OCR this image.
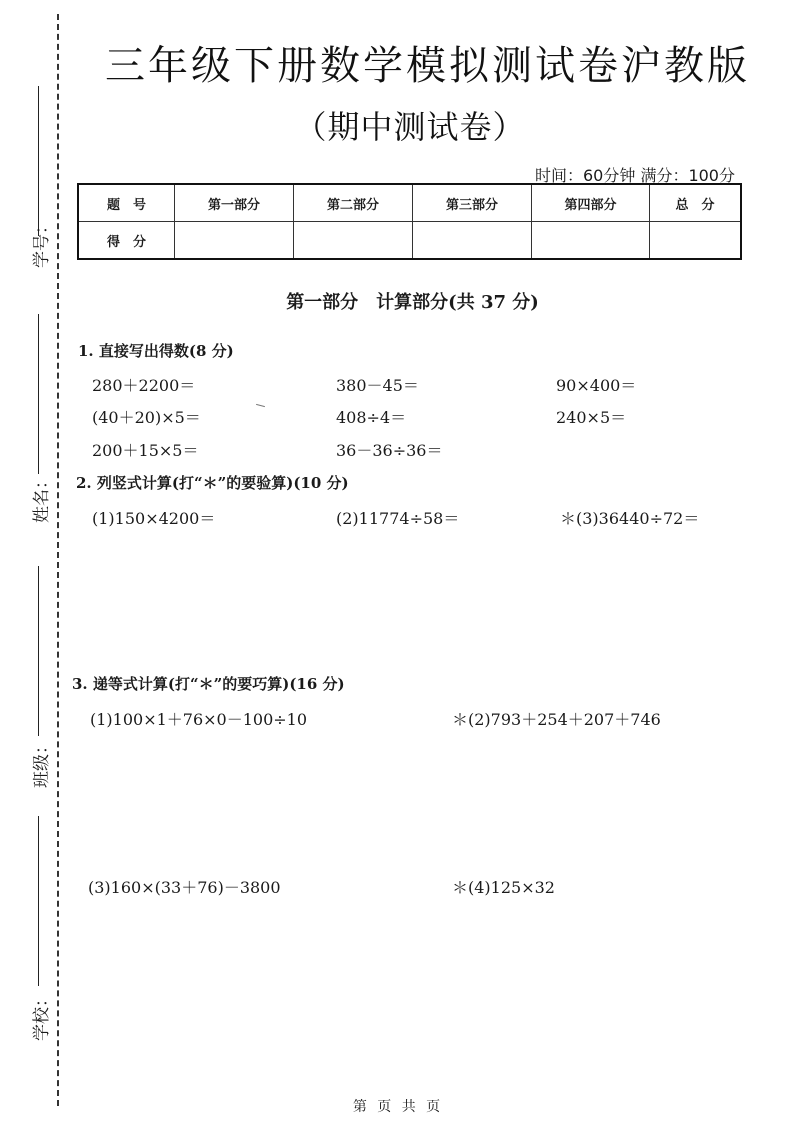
学号：
姓名：
班级：
学校：
三年级下册数学模拟测试卷沪教版
（期中测试卷）
时间：60分钟 满分：100分
题　号	第一部分	第二部分	第三部分	第四部分	总　分
得　分					
第一部分　计算部分(共 37 分)
1. 直接写出得数(8 分)
280＋2200＝	380－45＝	90×400＝
(40＋20)×5＝	408÷4＝	240×5＝
200＋15×5＝	36－36÷36＝
2. 列竖式计算(打“＊”的要验算)(10 分)
(1)150×4200＝	(2)11774÷58＝	＊(3)36440÷72＝
3. 递等式计算(打“＊”的要巧算)(16 分)
(1)100×1＋76×0－100÷10	＊(2)793＋254＋207＋746
(3)160×(33＋76)－3800	＊(4)125×32
第 页 共 页
